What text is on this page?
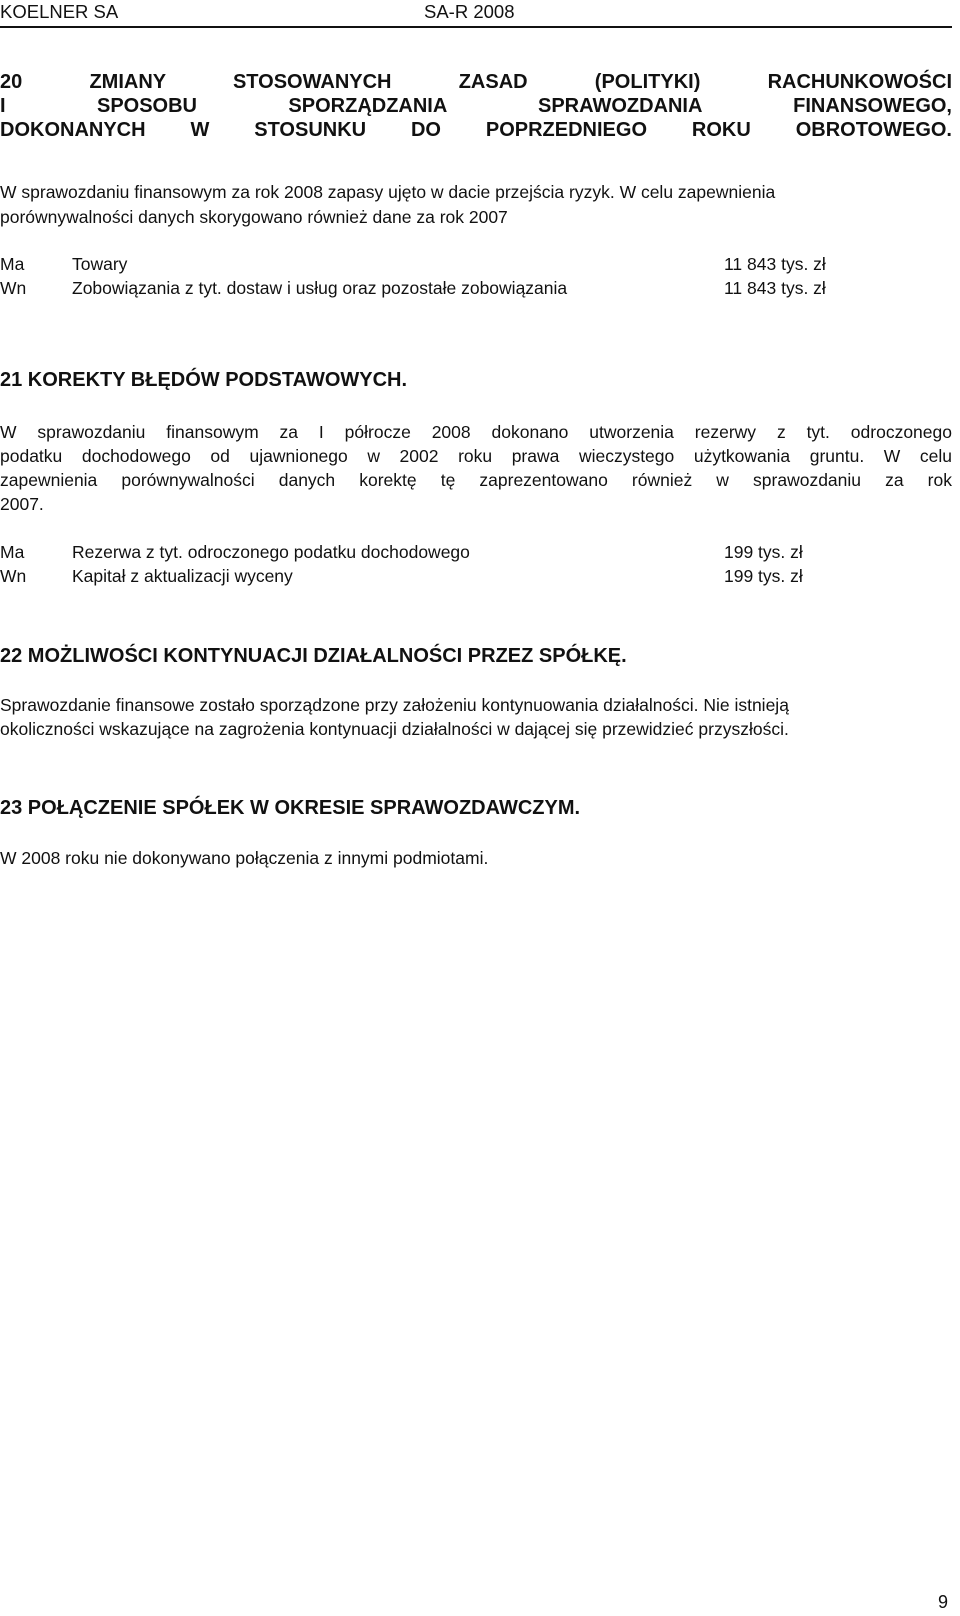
KOELNER SA	SA-R 2008
20 ZMIANY STOSOWANYCH ZASAD (POLITYKI) RACHUNKOWOŚCI
I SPOSOBU SPORZĄDZANIA SPRAWOZDANIA FINANSOWEGO,
DOKONANYCH W STOSUNKU DO POPRZEDNIEGO ROKU OBROTOWEGO.
W sprawozdaniu finansowym za rok 2008 zapasy ujęto w dacie przejścia ryzyk. W celu zapewnienia
porównywalności danych skorygowano również dane za rok 2007
Ma	Towary	11 843 tys. zł
Wn	Zobowiązania z tyt. dostaw i usług oraz pozostałe zobowiązania	11 843 tys. zł
21 KOREKTY BŁĘDÓW PODSTAWOWYCH.
W sprawozdaniu finansowym za I półrocze 2008 dokonano utworzenia rezerwy z tyt. odroczonego
podatku dochodowego od ujawnionego w 2002 roku prawa wieczystego użytkowania gruntu. W celu
zapewnienia porównywalności danych korektę tę zaprezentowano również w sprawozdaniu za rok
2007.
Ma	Rezerwa z tyt. odroczonego podatku dochodowego	199 tys. zł
Wn	Kapitał z aktualizacji wyceny	199 tys. zł
22 MOŻLIWOŚCI KONTYNUACJI DZIAŁALNOŚCI PRZEZ SPÓŁKĘ.
Sprawozdanie finansowe zostało sporządzone przy założeniu kontynuowania działalności. Nie istnieją
okoliczności wskazujące na zagrożenia kontynuacji działalności w dającej się przewidzieć przyszłości.
23 POŁĄCZENIE SPÓŁEK W OKRESIE SPRAWOZDAWCZYM.
W 2008 roku nie dokonywano połączenia z innymi podmiotami.
9
